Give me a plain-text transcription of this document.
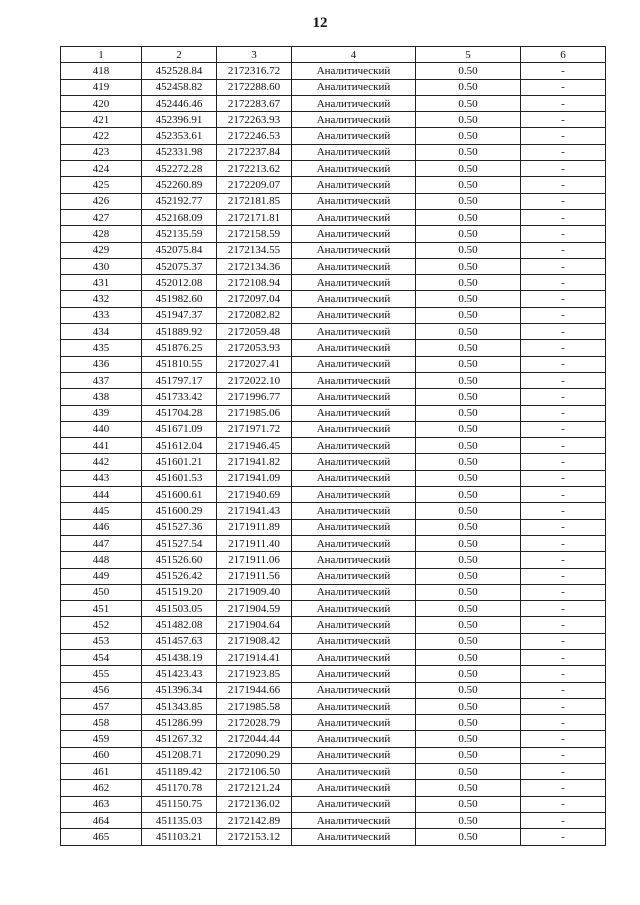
12
1	2	3	4	5	6
418	452528.84	2172316.72	Аналитический	0.50	-
419	452458.82	2172288.60	Аналитический	0.50	-
420	452446.46	2172283.67	Аналитический	0.50	-
421	452396.91	2172263.93	Аналитический	0.50	-
422	452353.61	2172246.53	Аналитический	0.50	-
423	452331.98	2172237.84	Аналитический	0.50	-
424	452272.28	2172213.62	Аналитический	0.50	-
425	452260.89	2172209.07	Аналитический	0.50	-
426	452192.77	2172181.85	Аналитический	0.50	-
427	452168.09	2172171.81	Аналитический	0.50	-
428	452135.59	2172158.59	Аналитический	0.50	-
429	452075.84	2172134.55	Аналитический	0.50	-
430	452075.37	2172134.36	Аналитический	0.50	-
431	452012.08	2172108.94	Аналитический	0.50	-
432	451982.60	2172097.04	Аналитический	0.50	-
433	451947.37	2172082.82	Аналитический	0.50	-
434	451889.92	2172059.48	Аналитический	0.50	-
435	451876.25	2172053.93	Аналитический	0.50	-
436	451810.55	2172027.41	Аналитический	0.50	-
437	451797.17	2172022.10	Аналитический	0.50	-
438	451733.42	2171996.77	Аналитический	0.50	-
439	451704.28	2171985.06	Аналитический	0.50	-
440	451671.09	2171971.72	Аналитический	0.50	-
441	451612.04	2171946.45	Аналитический	0.50	-
442	451601.21	2171941.82	Аналитический	0.50	-
443	451601.53	2171941.09	Аналитический	0.50	-
444	451600.61	2171940.69	Аналитический	0.50	-
445	451600.29	2171941.43	Аналитический	0.50	-
446	451527.36	2171911.89	Аналитический	0.50	-
447	451527.54	2171911.40	Аналитический	0.50	-
448	451526.60	2171911.06	Аналитический	0.50	-
449	451526.42	2171911.56	Аналитический	0.50	-
450	451519.20	2171909.40	Аналитический	0.50	-
451	451503.05	2171904.59	Аналитический	0.50	-
452	451482.08	2171904.64	Аналитический	0.50	-
453	451457.63	2171908.42	Аналитический	0.50	-
454	451438.19	2171914.41	Аналитический	0.50	-
455	451423.43	2171923.85	Аналитический	0.50	-
456	451396.34	2171944.66	Аналитический	0.50	-
457	451343.85	2171985.58	Аналитический	0.50	-
458	451286.99	2172028.79	Аналитический	0.50	-
459	451267.32	2172044.44	Аналитический	0.50	-
460	451208.71	2172090.29	Аналитический	0.50	-
461	451189.42	2172106.50	Аналитический	0.50	-
462	451170.78	2172121.24	Аналитический	0.50	-
463	451150.75	2172136.02	Аналитический	0.50	-
464	451135.03	2172142.89	Аналитический	0.50	-
465	451103.21	2172153.12	Аналитический	0.50	-
